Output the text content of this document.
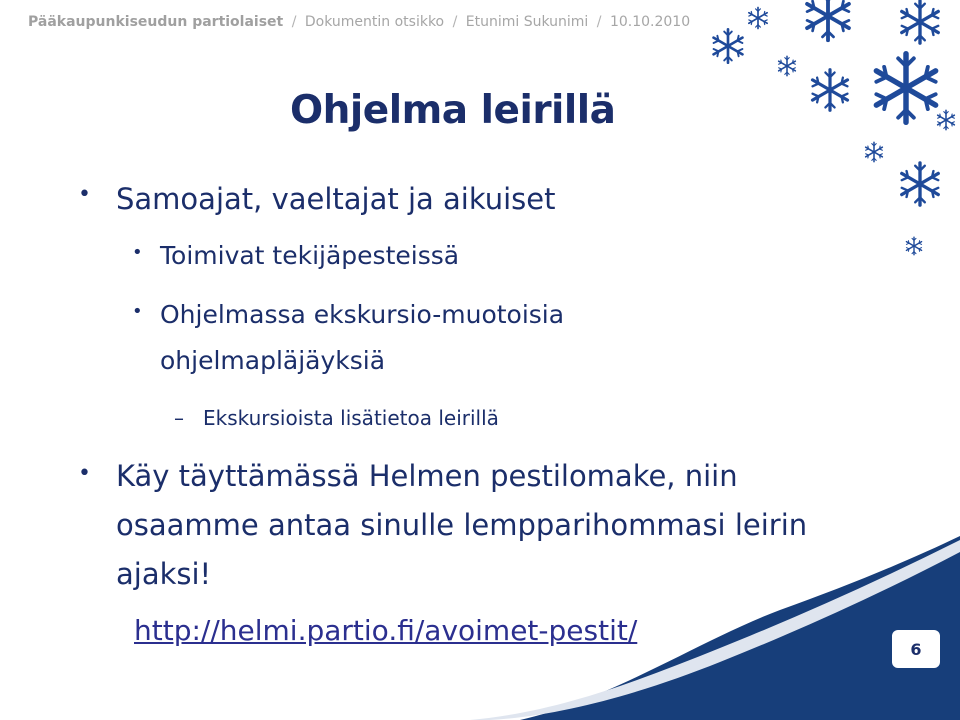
Pääkaupunkiseudun partiolaiset / Dokumentin otsikko / Etunimi Sukunimi / 10.10.2010
Ohjelma leirillä
• Samoajat, vaeltajat ja aikuiset
• Toimivat tekijäpesteissä
• Ohjelmassa ekskursio-muotoisia
ohjelmapläjäyksiä
– Ekskursioista lisätietoa leirillä
• Käy täyttämässä Helmen pestilomake, niin
osaamme antaa sinulle lempparihommasi leirin
ajaksi!
http://helmi.partio.fi/avoimet-pestit/
6
